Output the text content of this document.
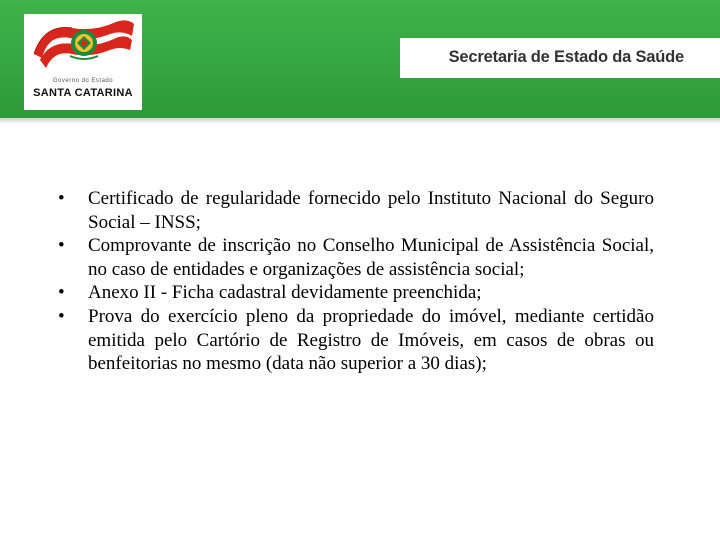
Governo do Estado
SANTA CATARINA
Secretaria de Estado da Saúde
•	Certificado de regularidade fornecido pelo Instituto Nacional do Seguro Social – INSS;
•	Comprovante de inscrição no Conselho Municipal de Assistência Social, no caso de entidades e organizações de assistência social;
•	Anexo II - Ficha cadastral devidamente preenchida;
•	Prova do exercício pleno da propriedade do imóvel, mediante certidão emitida pelo Cartório de Registro de Imóveis, em casos de obras ou benfeitorias no mesmo (data não superior a 30 dias);
